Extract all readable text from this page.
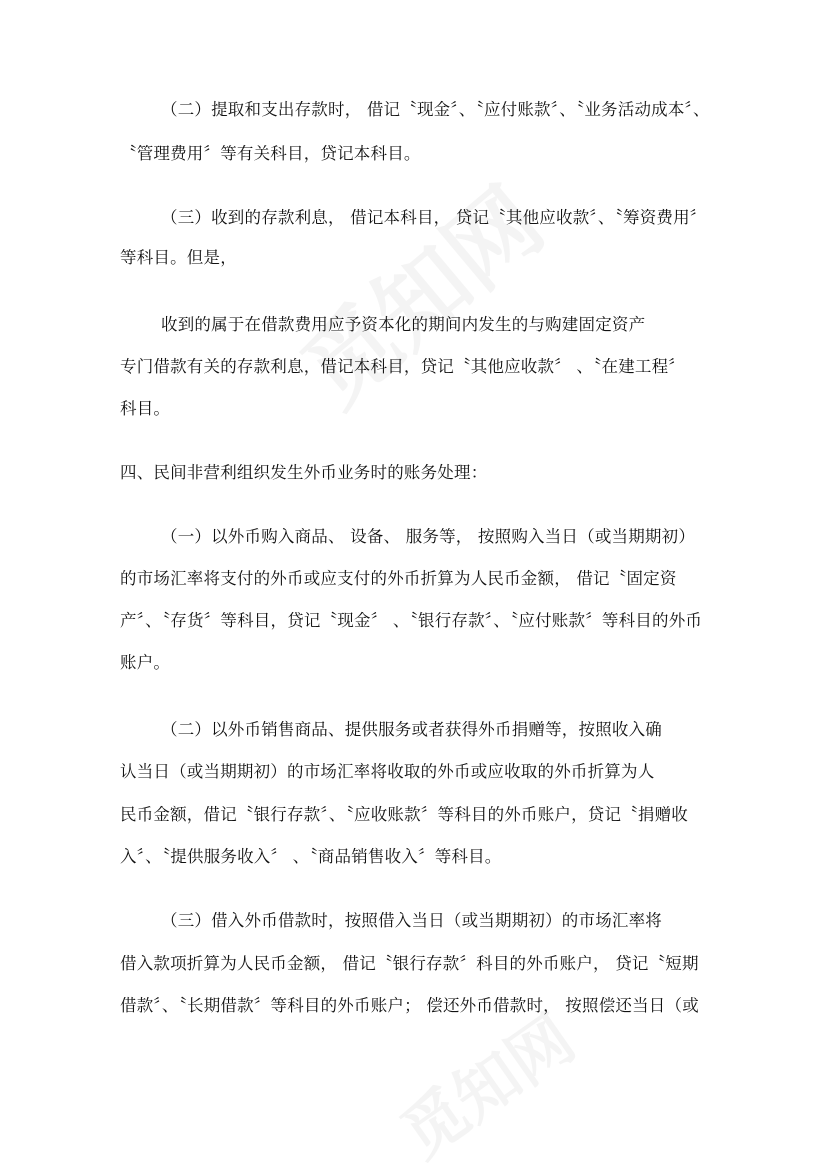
（二）提取和支出存款时， 借记〝现金〞、〝应付账款〞、〝业务活动成本〞、
〝管理费用〞等有关科目，贷记本科目。
（三）收到的存款利息， 借记本科目， 贷记〝其他应收款〞、〝筹资费用〞
等科目。但是，
收到的属于在借款费用应予资本化的期间内发生的与购建固定资产
专门借款有关的存款利息，借记本科目，贷记〝其他应收款〞 、〝在建工程〞
科目。
四、民间非营利组织发生外币业务时的账务处理：
（一）以外币购入商品、 设备、 服务等， 按照购入当日（或当期期初）
的市场汇率将支付的外币或应支付的外币折算为人民币金额， 借记〝固定资
产〞、〝存货〞等科目，贷记〝现金〞 、〝银行存款〞、〝应付账款〞等科目的外币
账户。
（二）以外币销售商品、提供服务或者获得外币捐赠等，按照收入确
认当日（或当期期初）的市场汇率将收取的外币或应收取的外币折算为人
民币金额，借记〝银行存款〞、〝应收账款〞等科目的外币账户，贷记〝捐赠收
入〞、〝提供服务收入〞 、〝商品销售收入〞等科目。
（三）借入外币借款时，按照借入当日（或当期期初）的市场汇率将
借入款项折算为人民币金额， 借记〝银行存款〞科目的外币账户， 贷记〝短期
借款〞、〝长期借款〞等科目的外币账户； 偿还外币借款时， 按照偿还当日（或
